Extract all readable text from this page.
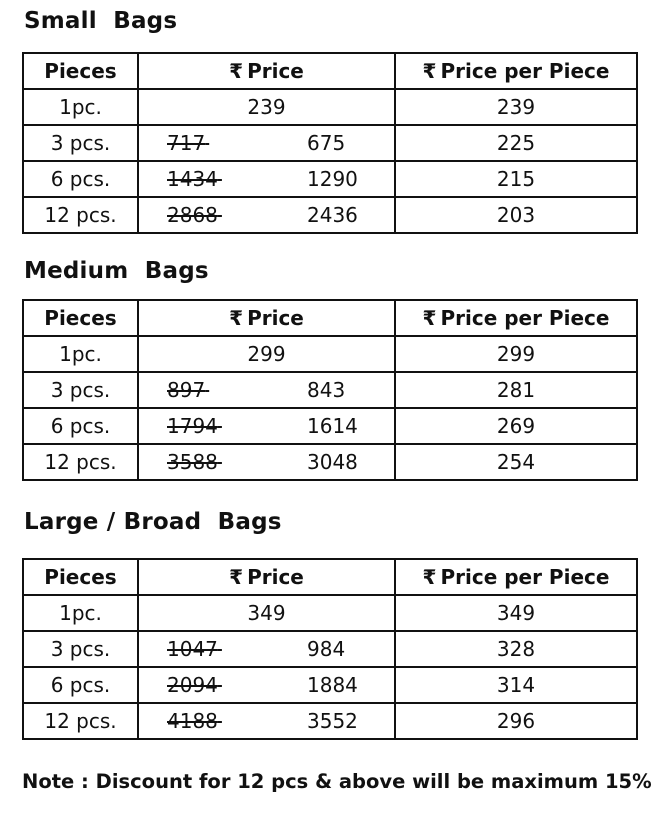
Small  Bags
Pieces	₹ Price	₹ Price per Piece
1pc.	239	239
3 pcs.	717 675	225
6 pcs.	1434 1290	215
12 pcs.	2868 2436	203
Medium  Bags
Pieces	₹ Price	₹ Price per Piece
1pc.	299	299
3 pcs.	897 843	281
6 pcs.	1794 1614	269
12 pcs.	3588 3048	254
Large / Broad  Bags
Pieces	₹ Price	₹ Price per Piece
1pc.	349	349
3 pcs.	1047 984	328
6 pcs.	2094 1884	314
12 pcs.	4188 3552	296

Note : Discount for 12 pcs & above will be maximum 15%
